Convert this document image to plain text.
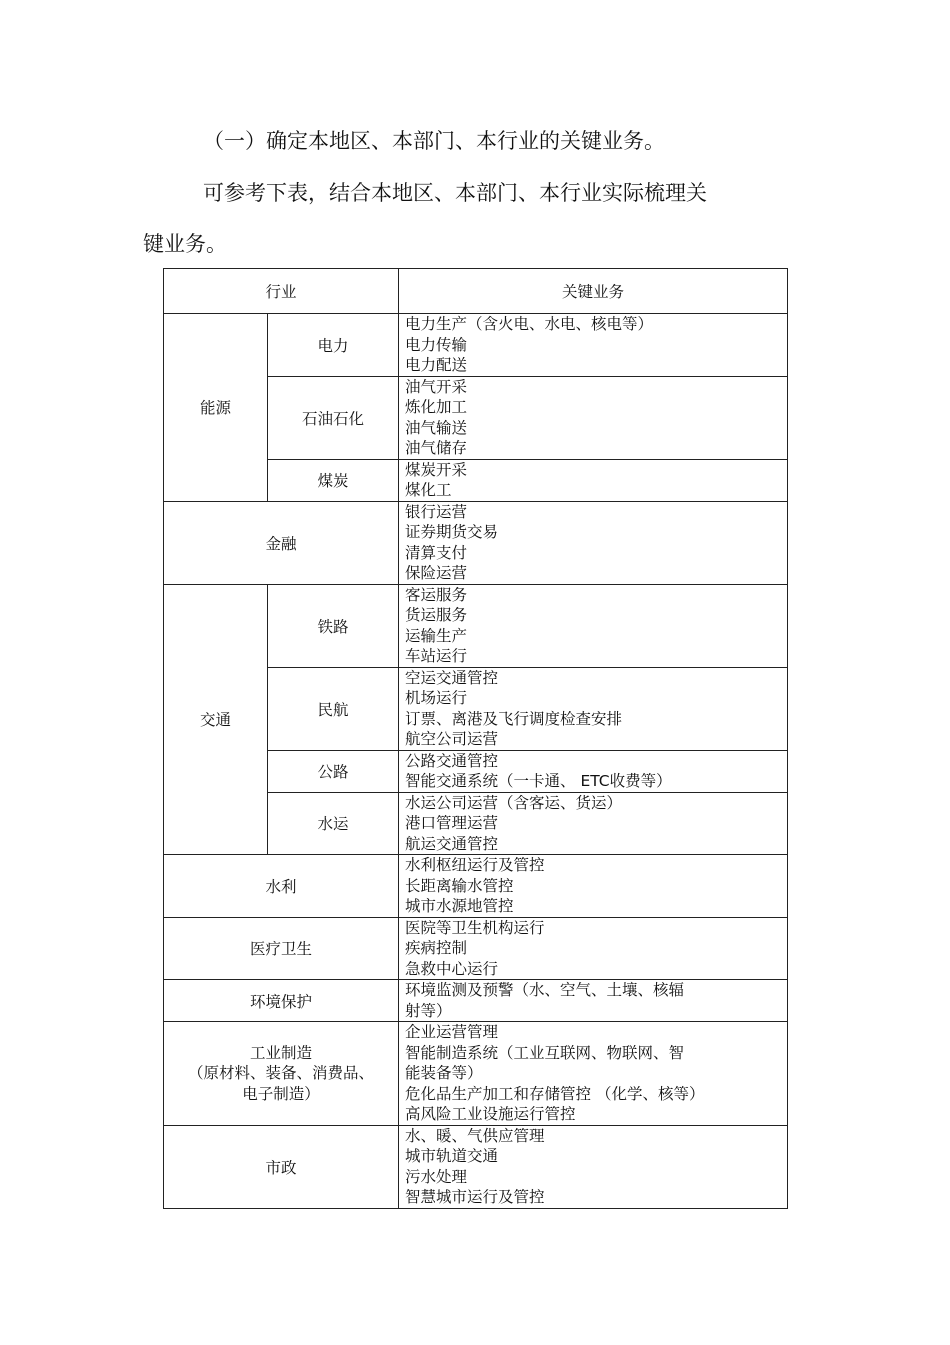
（一）确定本地区、本部门、本行业的关键业务。
可参考下表，结合本地区、本部门、本行业实际梳理关
键业务。
行业		关键业务
能源	电力	电力生产（含火电、水电、核电等）
电力传输
电力配送

	石油石化	油气开采
炼化加工
油气输送
油气储存

	煤炭	煤炭开采
煤化工

金融		银行运营
证券期货交易
清算支付
保险运营

交通	铁路	客运服务
货运服务
运输生产
车站运行

	民航	空运交通管控
机场运行
订票、离港及飞行调度检查安排
航空公司运营

	公路	公路交通管控
智能交通系统（一卡通、 ETC收费等）

	水运	水运公司运营（含客运、货运）
港口管理运营
航运交通管控

水利		水利枢纽运行及管控
长距离输水管控
城市水源地管控

医疗卫生		医院等卫生机构运行
疾病控制
急救中心运行

环境保护		环境监测及预警（水、空气、土壤、核辐
射等）

工业制造
（原材料、装备、消费品、
电子制造）		企业运营管理
智能制造系统（工业互联网、物联网、智
能装备等）
危化品生产加工和存储管控 （化学、核等）
高风险工业设施运行管控

市政		水、暖、气供应管理
城市轨道交通
污水处理
智慧城市运行及管控
